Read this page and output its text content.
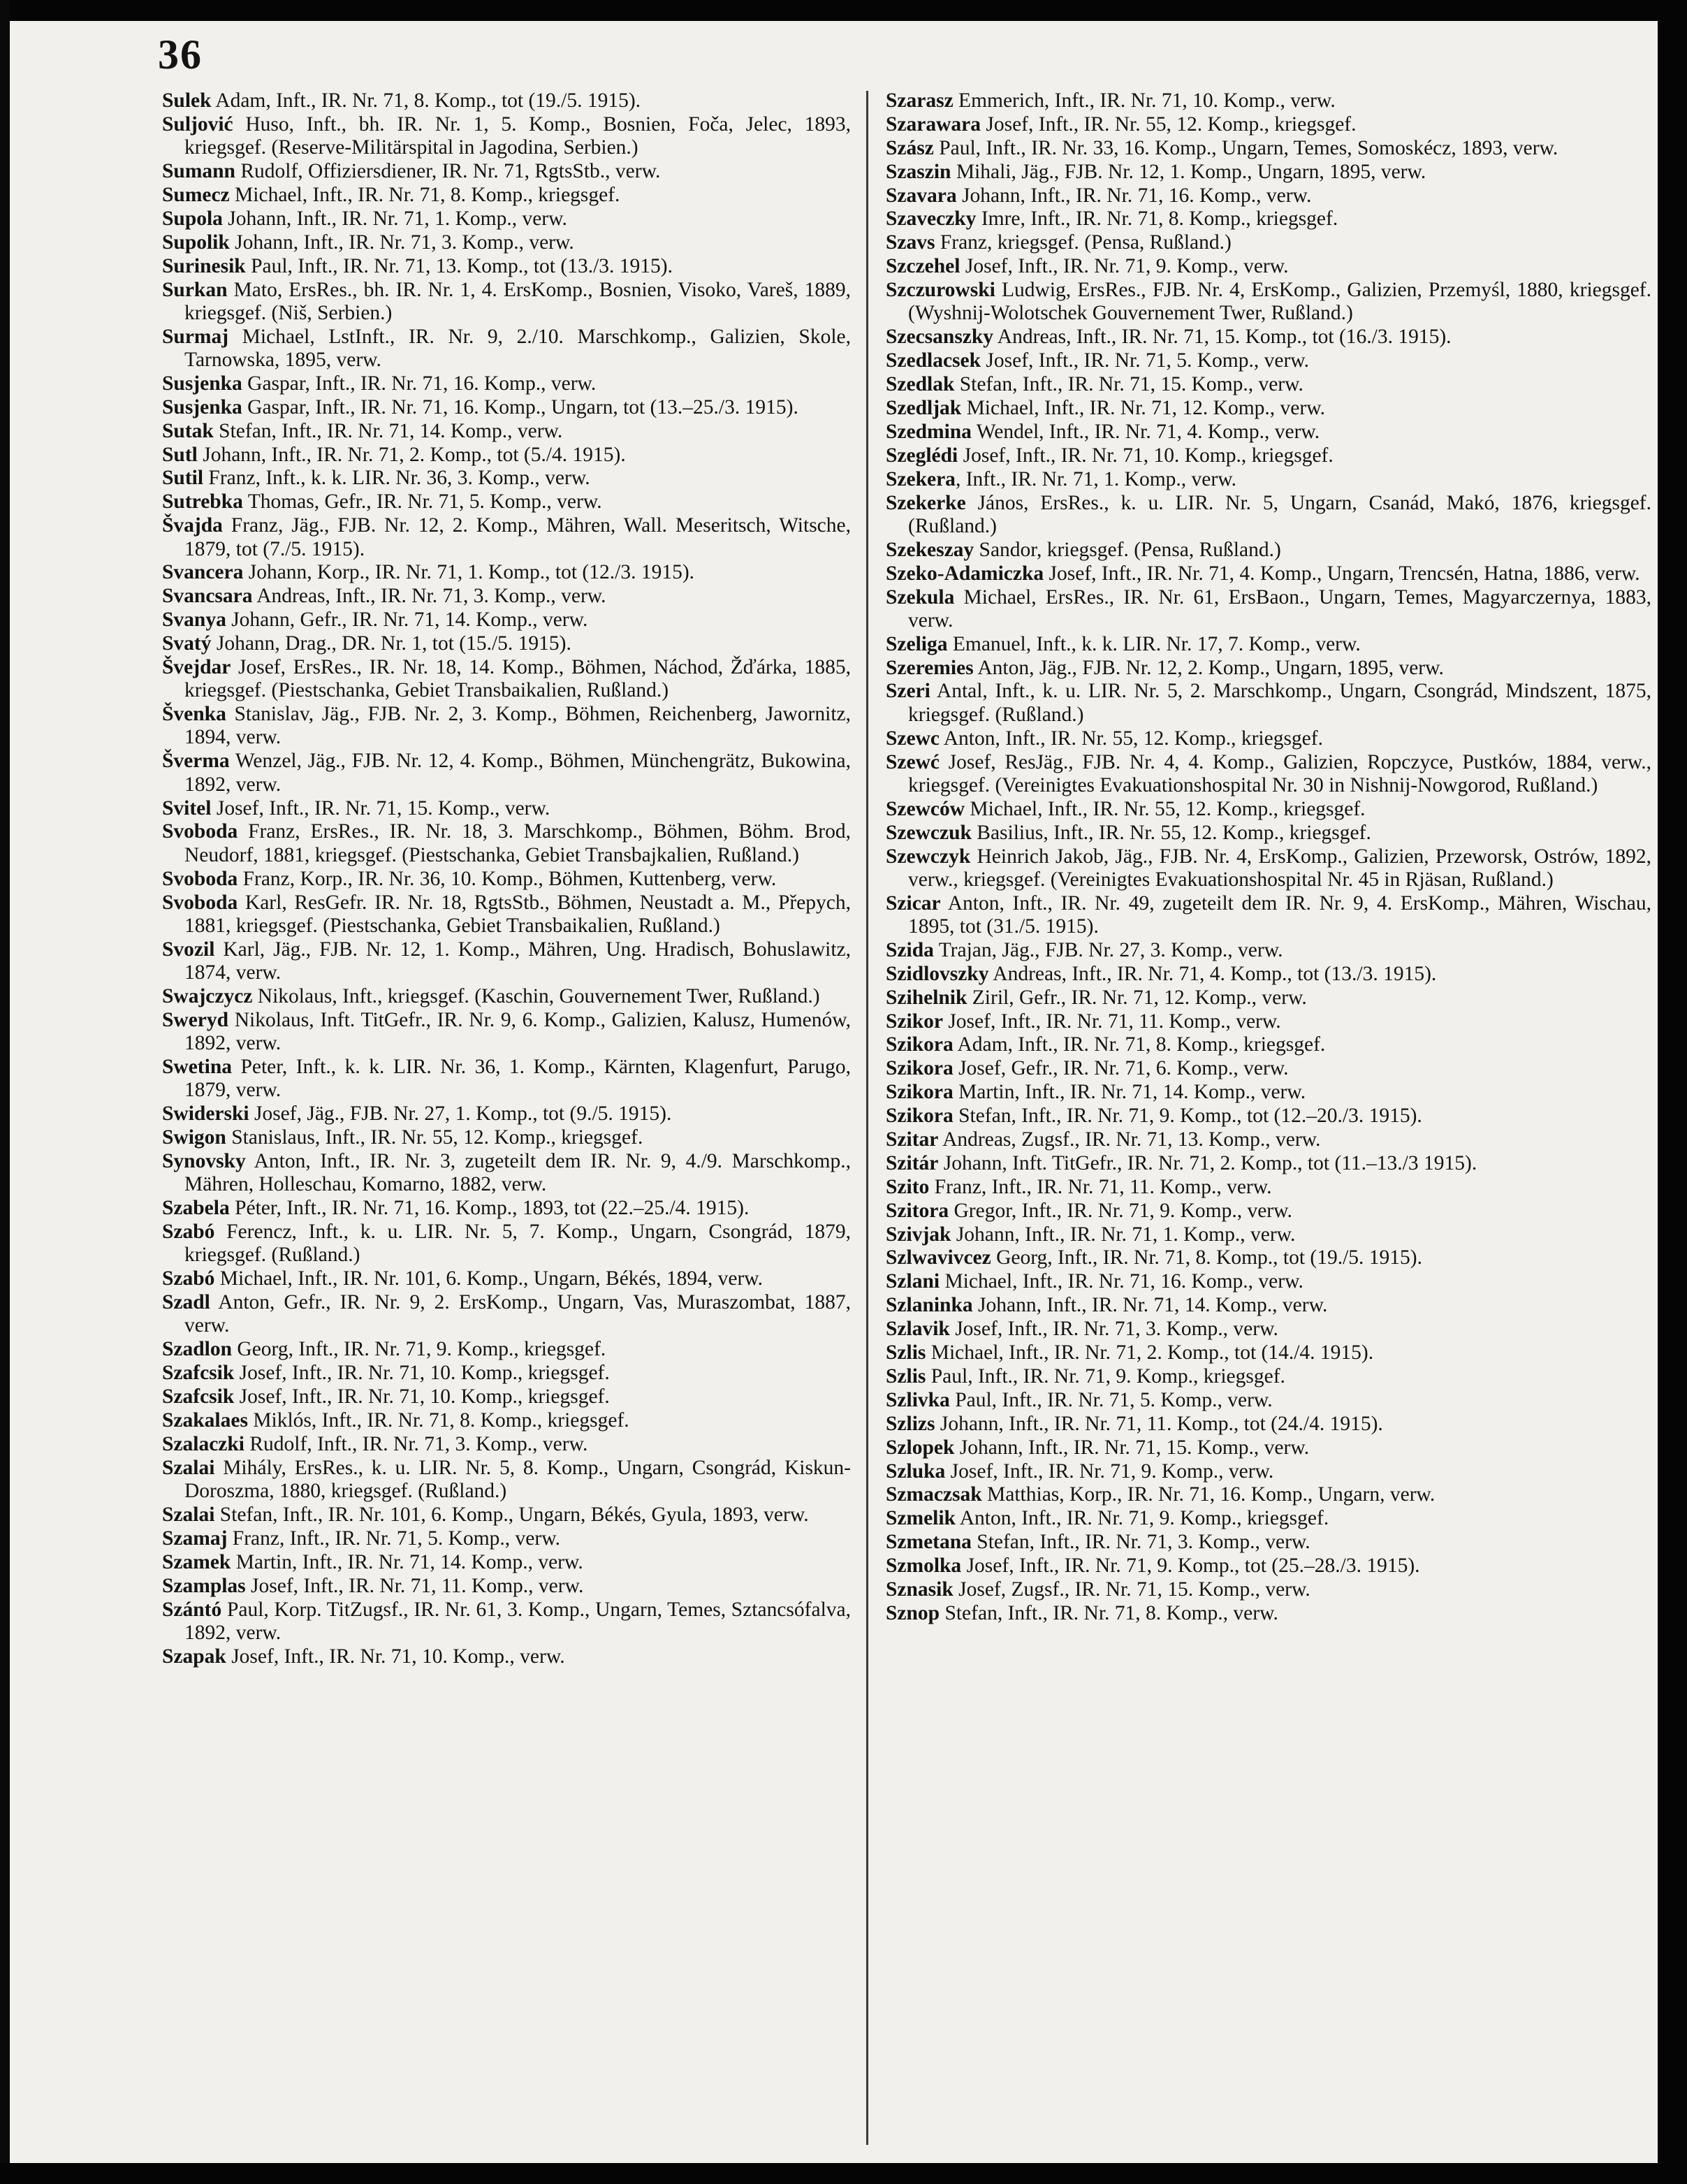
36

Sulek Adam, Inft., IR. Nr. 71, 8. Komp., tot (19./5. 1915).

Suljović Huso, Inft., bh. IR. Nr. 1, 5. Komp., Bosnien, Foča, Jelec, 1893, kriegsgef. (Reserve-Militärspital in Jagodina, Serbien.)

Sumann Rudolf, Offiziersdiener, IR. Nr. 71, RgtsStb., verw.

Sumecz Michael, Inft., IR. Nr. 71, 8. Komp., kriegsgef.

Supola Johann, Inft., IR. Nr. 71, 1. Komp., verw.

Supolik Johann, Inft., IR. Nr. 71, 3. Komp., verw.

Surinesik Paul, Inft., IR. Nr. 71, 13. Komp., tot (13./3. 1915).

Surkan Mato, ErsRes., bh. IR. Nr. 1, 4. ErsKomp., Bosnien, Visoko, Vareš, 1889, kriegsgef. (Niš, Serbien.)

Surmaj Michael, LstInft., IR. Nr. 9, 2./10. Marschkomp., Galizien, Skole, Tarnowska, 1895, verw.

Susjenka Gaspar, Inft., IR. Nr. 71, 16. Komp., verw.

Susjenka Gaspar, Inft., IR. Nr. 71, 16. Komp., Ungarn, tot (13.–25./3. 1915).

Sutak Stefan, Inft., IR. Nr. 71, 14. Komp., verw.

Sutl Johann, Inft., IR. Nr. 71, 2. Komp., tot (5./4. 1915).

Sutil Franz, Inft., k. k. LIR. Nr. 36, 3. Komp., verw.

Sutrebka Thomas, Gefr., IR. Nr. 71, 5. Komp., verw.

Švajda Franz, Jäg., FJB. Nr. 12, 2. Komp., Mähren, Wall. Meseritsch, Witsche, 1879, tot (7./5. 1915).

Svancera Johann, Korp., IR. Nr. 71, 1. Komp., tot (12./3. 1915).

Svancsara Andreas, Inft., IR. Nr. 71, 3. Komp., verw.

Svanya Johann, Gefr., IR. Nr. 71, 14. Komp., verw.

Svatý Johann, Drag., DR. Nr. 1, tot (15./5. 1915).

Švejdar Josef, ErsRes., IR. Nr. 18, 14. Komp., Böhmen, Náchod, Žďárka, 1885, kriegsgef. (Piestschanka, Gebiet Transbaikalien, Rußland.)

Švenka Stanislav, Jäg., FJB. Nr. 2, 3. Komp., Böhmen, Reichenberg, Jawornitz, 1894, verw.

Šverma Wenzel, Jäg., FJB. Nr. 12, 4. Komp., Böhmen, Münchengrätz, Bukowina, 1892, verw.

Svitel Josef, Inft., IR. Nr. 71, 15. Komp., verw.

Svoboda Franz, ErsRes., IR. Nr. 18, 3. Marschkomp., Böhmen, Böhm. Brod, Neudorf, 1881, kriegsgef. (Piestschanka, Gebiet Transbajkalien, Rußland.)

Svoboda Franz, Korp., IR. Nr. 36, 10. Komp., Böhmen, Kuttenberg, verw.

Svoboda Karl, ResGefr. IR. Nr. 18, RgtsStb., Böhmen, Neustadt a. M., Přepych, 1881, kriegsgef. (Piestschanka, Gebiet Transbaikalien, Rußland.)

Svozil Karl, Jäg., FJB. Nr. 12, 1. Komp., Mähren, Ung. Hradisch, Bohuslawitz, 1874, verw.

Swajczycz Nikolaus, Inft., kriegsgef. (Kaschin, Gouvernement Twer, Rußland.)

Sweryd Nikolaus, Inft. TitGefr., IR. Nr. 9, 6. Komp., Galizien, Kalusz, Humenów, 1892, verw.

Swetina Peter, Inft., k. k. LIR. Nr. 36, 1. Komp., Kärnten, Klagenfurt, Parugo, 1879, verw.

Swiderski Josef, Jäg., FJB. Nr. 27, 1. Komp., tot (9./5. 1915).

Swigon Stanislaus, Inft., IR. Nr. 55, 12. Komp., kriegsgef.

Synovsky Anton, Inft., IR. Nr. 3, zugeteilt dem IR. Nr. 9, 4./9. Marschkomp., Mähren, Holleschau, Komarno, 1882, verw.

Szabela Péter, Inft., IR. Nr. 71, 16. Komp., 1893, tot (22.–25./4. 1915).

Szabó Ferencz, Inft., k. u. LIR. Nr. 5, 7. Komp., Ungarn, Csongrád, 1879, kriegsgef. (Rußland.)

Szabó Michael, Inft., IR. Nr. 101, 6. Komp., Ungarn, Békés, 1894, verw.

Szadl Anton, Gefr., IR. Nr. 9, 2. ErsKomp., Ungarn, Vas, Muraszombat, 1887, verw.

Szadlon Georg, Inft., IR. Nr. 71, 9. Komp., kriegsgef.

Szafcsik Josef, Inft., IR. Nr. 71, 10. Komp., kriegsgef.

Szafcsik Josef, Inft., IR. Nr. 71, 10. Komp., kriegsgef.

Szakalaes Miklós, Inft., IR. Nr. 71, 8. Komp., kriegsgef.

Szalaczki Rudolf, Inft., IR. Nr. 71, 3. Komp., verw.

Szalai Mihály, ErsRes., k. u. LIR. Nr. 5, 8. Komp., Ungarn, Csongrád, Kiskun-Doroszma, 1880, kriegsgef. (Rußland.)

Szalai Stefan, Inft., IR. Nr. 101, 6. Komp., Ungarn, Békés, Gyula, 1893, verw.

Szamaj Franz, Inft., IR. Nr. 71, 5. Komp., verw.

Szamek Martin, Inft., IR. Nr. 71, 14. Komp., verw.

Szamplas Josef, Inft., IR. Nr. 71, 11. Komp., verw.

Szántó Paul, Korp. TitZugsf., IR. Nr. 61, 3. Komp., Ungarn, Temes, Sztancsófalva, 1892, verw.

Szapak Josef, Inft., IR. Nr. 71, 10. Komp., verw.

Szarasz Emmerich, Inft., IR. Nr. 71, 10. Komp., verw.

Szarawara Josef, Inft., IR. Nr. 55, 12. Komp., kriegsgef.

Szász Paul, Inft., IR. Nr. 33, 16. Komp., Ungarn, Temes, Somoskécz, 1893, verw.

Szaszin Mihali, Jäg., FJB. Nr. 12, 1. Komp., Ungarn, 1895, verw.

Szavara Johann, Inft., IR. Nr. 71, 16. Komp., verw.

Szaveczky Imre, Inft., IR. Nr. 71, 8. Komp., kriegsgef.

Szavs Franz, kriegsgef. (Pensa, Rußland.)

Szczehel Josef, Inft., IR. Nr. 71, 9. Komp., verw.

Szczurowski Ludwig, ErsRes., FJB. Nr. 4, ErsKomp., Galizien, Przemyśl, 1880, kriegsgef. (Wyshnij-Wolotschek Gouvernement Twer, Rußland.)

Szecsanszky Andreas, Inft., IR. Nr. 71, 15. Komp., tot (16./3. 1915).

Szedlacsek Josef, Inft., IR. Nr. 71, 5. Komp., verw.

Szedlak Stefan, Inft., IR. Nr. 71, 15. Komp., verw.

Szedljak Michael, Inft., IR. Nr. 71, 12. Komp., verw.

Szedmina Wendel, Inft., IR. Nr. 71, 4. Komp., verw.

Szeglédi Josef, Inft., IR. Nr. 71, 10. Komp., kriegsgef.

Szekera, Inft., IR. Nr. 71, 1. Komp., verw.

Szekerke János, ErsRes., k. u. LIR. Nr. 5, Ungarn, Csanád, Makó, 1876, kriegsgef. (Rußland.)

Szekeszay Sandor, kriegsgef. (Pensa, Rußland.)

Szeko-Adamiczka Josef, Inft., IR. Nr. 71, 4. Komp., Ungarn, Trencsén, Hatna, 1886, verw.

Szekula Michael, ErsRes., IR. Nr. 61, ErsBaon., Ungarn, Temes, Magyarczernya, 1883, verw.

Szeliga Emanuel, Inft., k. k. LIR. Nr. 17, 7. Komp., verw.

Szeremies Anton, Jäg., FJB. Nr. 12, 2. Komp., Ungarn, 1895, verw.

Szeri Antal, Inft., k. u. LIR. Nr. 5, 2. Marschkomp., Ungarn, Csongrád, Mindszent, 1875, kriegsgef. (Rußland.)

Szewc Anton, Inft., IR. Nr. 55, 12. Komp., kriegsgef.

Szewć Josef, ResJäg., FJB. Nr. 4, 4. Komp., Galizien, Ropczyce, Pustków, 1884, verw., kriegsgef. (Vereinigtes Evakuationshospital Nr. 30 in Nishnij-Nowgorod, Rußland.)

Szewców Michael, Inft., IR. Nr. 55, 12. Komp., kriegsgef.

Szewczuk Basilius, Inft., IR. Nr. 55, 12. Komp., kriegsgef.

Szewczyk Heinrich Jakob, Jäg., FJB. Nr. 4, ErsKomp., Galizien, Przeworsk, Ostrów, 1892, verw., kriegsgef. (Vereinigtes Evakuationshospital Nr. 45 in Rjäsan, Rußland.)

Szicar Anton, Inft., IR. Nr. 49, zugeteilt dem IR. Nr. 9, 4. ErsKomp., Mähren, Wischau, 1895, tot (31./5. 1915).

Szida Trajan, Jäg., FJB. Nr. 27, 3. Komp., verw.

Szidlovszky Andreas, Inft., IR. Nr. 71, 4. Komp., tot (13./3. 1915).

Szihelnik Ziril, Gefr., IR. Nr. 71, 12. Komp., verw.

Szikor Josef, Inft., IR. Nr. 71, 11. Komp., verw.

Szikora Adam, Inft., IR. Nr. 71, 8. Komp., kriegsgef.

Szikora Josef, Gefr., IR. Nr. 71, 6. Komp., verw.

Szikora Martin, Inft., IR. Nr. 71, 14. Komp., verw.

Szikora Stefan, Inft., IR. Nr. 71, 9. Komp., tot (12.–20./3. 1915).

Szitar Andreas, Zugsf., IR. Nr. 71, 13. Komp., verw.

Szitár Johann, Inft. TitGefr., IR. Nr. 71, 2. Komp., tot (11.–13./3 1915).

Szito Franz, Inft., IR. Nr. 71, 11. Komp., verw.

Szitora Gregor, Inft., IR. Nr. 71, 9. Komp., verw.

Szivjak Johann, Inft., IR. Nr. 71, 1. Komp., verw.

Szlwavivcez Georg, Inft., IR. Nr. 71, 8. Komp., tot (19./5. 1915).

Szlani Michael, Inft., IR. Nr. 71, 16. Komp., verw.

Szlaninka Johann, Inft., IR. Nr. 71, 14. Komp., verw.

Szlavik Josef, Inft., IR. Nr. 71, 3. Komp., verw.

Szlis Michael, Inft., IR. Nr. 71, 2. Komp., tot (14./4. 1915).

Szlis Paul, Inft., IR. Nr. 71, 9. Komp., kriegsgef.

Szlivka Paul, Inft., IR. Nr. 71, 5. Komp., verw.

Szlizs Johann, Inft., IR. Nr. 71, 11. Komp., tot (24./4. 1915).

Szlopek Johann, Inft., IR. Nr. 71, 15. Komp., verw.

Szluka Josef, Inft., IR. Nr. 71, 9. Komp., verw.

Szmaczsak Matthias, Korp., IR. Nr. 71, 16. Komp., Ungarn, verw.

Szmelik Anton, Inft., IR. Nr. 71, 9. Komp., kriegsgef.

Szmetana Stefan, Inft., IR. Nr. 71, 3. Komp., verw.

Szmolka Josef, Inft., IR. Nr. 71, 9. Komp., tot (25.–28./3. 1915).

Sznasik Josef, Zugsf., IR. Nr. 71, 15. Komp., verw.

Sznop Stefan, Inft., IR. Nr. 71, 8. Komp., verw.
